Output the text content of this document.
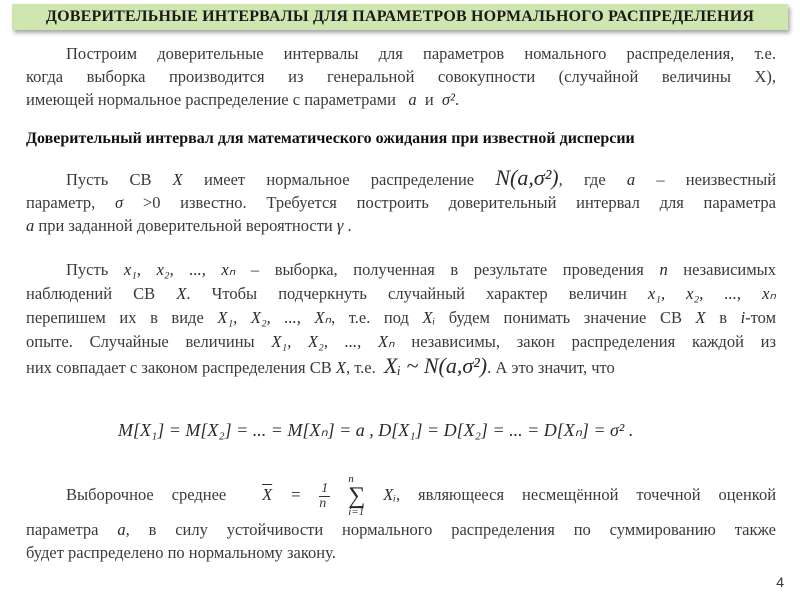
ДОВЕРИТЕЛЬНЫЕ ИНТЕРВАЛЫ ДЛЯ ПАРАМЕТРОВ НОРМАЛЬНОГО РАСПРЕДЕЛЕНИЯ
Построим доверительные интервалы для параметров номального распределения, т.е.
когда выборка производится из генеральной совокупности (случайной величины X),
имеющей нормальное распределение с параметрами a и σ².
Доверительный интервал для математического ожидания при известной дисперсии
Пусть СВ X имеет нормальное распределение N(a,σ²), где a – неизвестный
параметр, σ >0 известно. Требуется построить доверительный интервал для параметра
a при заданной доверительной вероятности γ .
Пусть x₁, x₂, ..., xₙ – выборка, полученная в результате проведения n независимых
наблюдений СВ X. Чтобы подчеркнуть случайный характер величин x₁, x₂, ..., xₙ
перепишем их в виде X₁, X₂, ..., Xₙ, т.е. под Xᵢ будем понимать значение СВ X в i-том
опыте. Случайные величины X₁, X₂, ..., Xₙ независимы, закон распределения каждой из
них совпадает с законом распределения СВ X, т.е. Xᵢ ~ N(a,σ²). А это значит, что
M[X₁] = M[X₂] = ... = M[Xₙ] = a , D[X₁] = D[X₂] = ... = D[Xₙ] = σ² .
Выборочное среднее $\overline{X} = \frac{1}{n}$
n
∑
i=1 Xᵢ, являющееся несмещённой точечной оценкой
параметра a, в силу устойчивости нормального распределения по суммированию также
будет распределено по нормальному закону.
4
